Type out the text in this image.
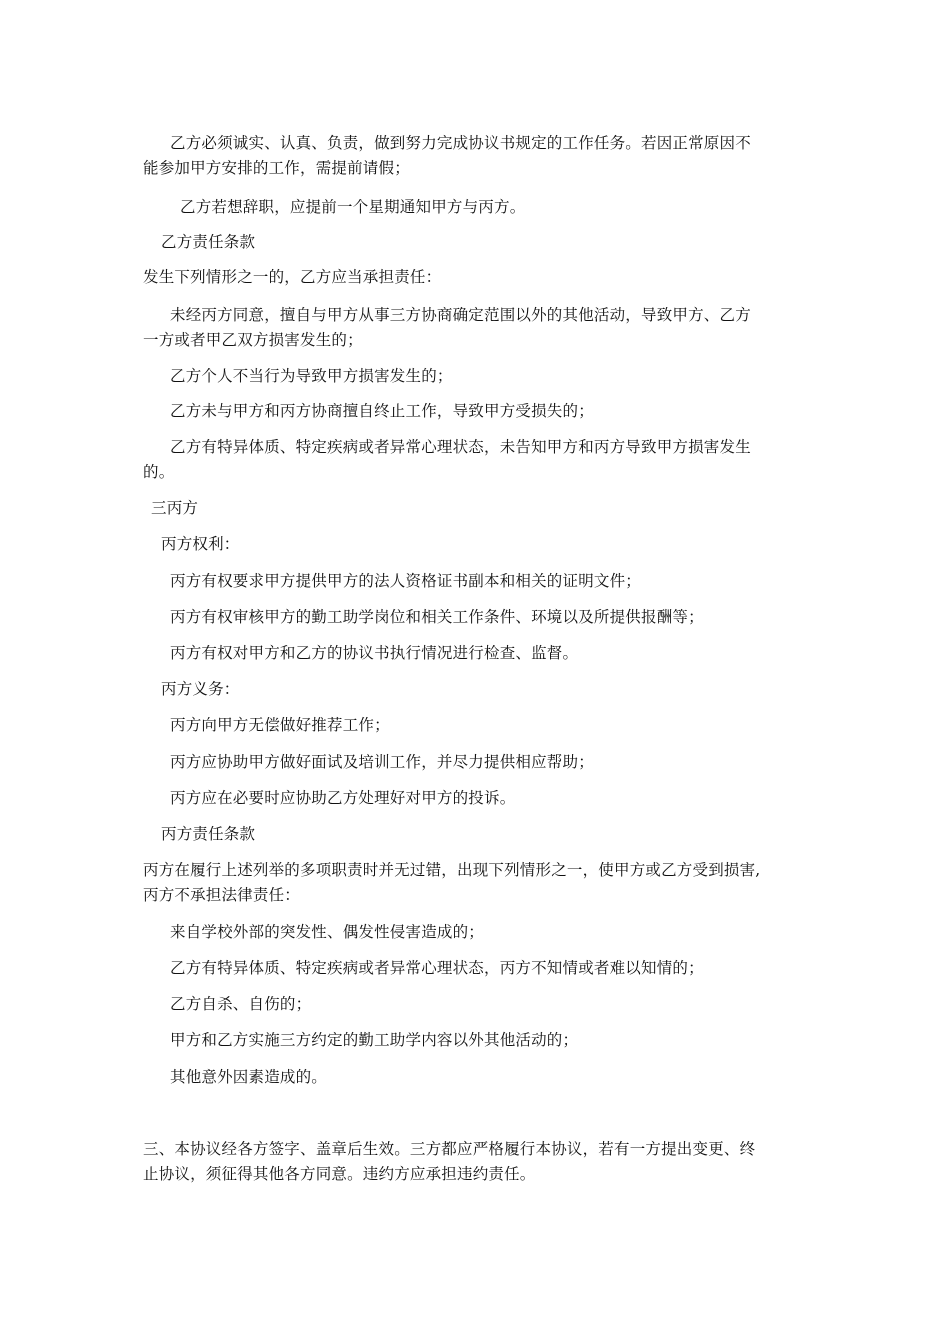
乙方必须诚实、认真、负责，做到努力完成协议书规定的工作任务。若因正常原因不
能参加甲方安排的工作，需提前请假；
乙方若想辞职，应提前一个星期通知甲方与丙方。
乙方责任条款
发生下列情形之一的，乙方应当承担责任：
未经丙方同意，擅自与甲方从事三方协商确定范围以外的其他活动，导致甲方、乙方
一方或者甲乙双方损害发生的；
乙方个人不当行为导致甲方损害发生的；
乙方未与甲方和丙方协商擅自终止工作，导致甲方受损失的；
乙方有特异体质、特定疾病或者异常心理状态，未告知甲方和丙方导致甲方损害发生
的。
三丙方
丙方权利：
丙方有权要求甲方提供甲方的法人资格证书副本和相关的证明文件；
丙方有权审核甲方的勤工助学岗位和相关工作条件、环境以及所提供报酬等；
丙方有权对甲方和乙方的协议书执行情况进行检查、监督。
丙方义务：
丙方向甲方无偿做好推荐工作；
丙方应协助甲方做好面试及培训工作，并尽力提供相应帮助；
丙方应在必要时应协助乙方处理好对甲方的投诉。
丙方责任条款
丙方在履行上述列举的多项职责时并无过错，出现下列情形之一，使甲方或乙方受到损害,
丙方不承担法律责任：
来自学校外部的突发性、偶发性侵害造成的；
乙方有特异体质、特定疾病或者异常心理状态，丙方不知情或者难以知情的；
乙方自杀、自伤的；
甲方和乙方实施三方约定的勤工助学内容以外其他活动的；
其他意外因素造成的。
三、本协议经各方签字、盖章后生效。三方都应严格履行本协议，若有一方提出变更、终
止协议，须征得其他各方同意。违约方应承担违约责任。
